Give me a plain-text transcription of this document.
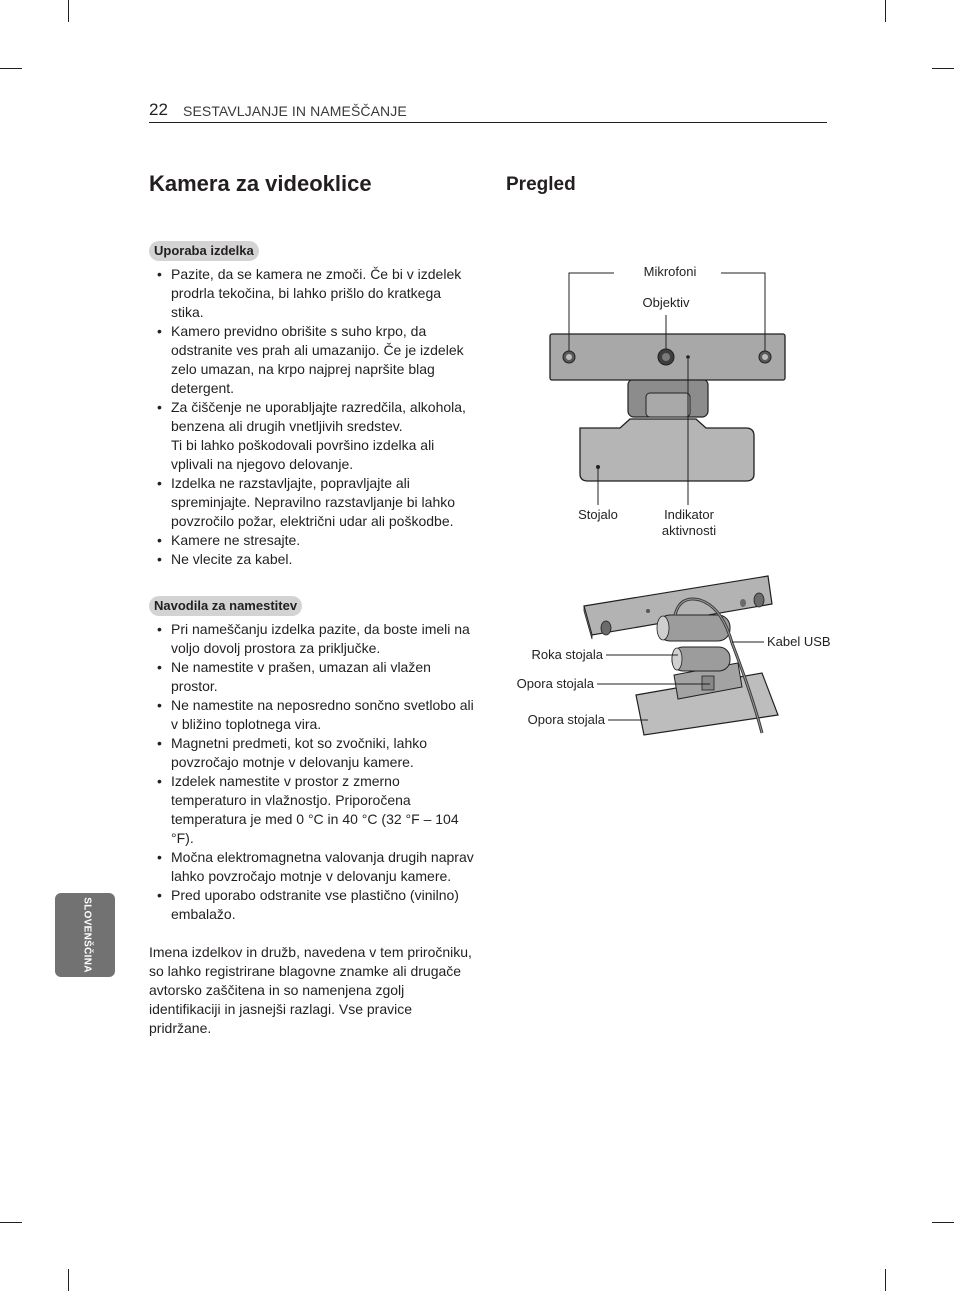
22 SESTAVLJANJE IN NAMEŠČANJE
SLOVENŠČINA
Kamera za videoklice
Uporaba izdelka
• Pazite, da se kamera ne zmoči. Če bi v izdelek prodrla tekočina, bi lahko prišlo do kratkega stika.
• Kamero previdno obrišite s suho krpo, da odstranite ves prah ali umazanijo. Če je izdelek zelo umazan, na krpo najprej napršite blag detergent.
• Za čiščenje ne uporabljajte razredčila, alkohola, benzena ali drugih vnetljivih sredstev.
Ti bi lahko poškodovali površino izdelka ali vplivali na njegovo delovanje.
• Izdelka ne razstavljajte, popravljajte ali spreminjajte. Nepravilno razstavljanje bi lahko povzročilo požar, električni udar ali poškodbe.
• Kamere ne stresajte.
• Ne vlecite za kabel.
Navodila za namestitev
• Pri nameščanju izdelka pazite, da boste imeli na voljo dovolj prostora za priključke.
• Ne namestite v prašen, umazan ali vlažen prostor.
• Ne namestite na neposredno sončno svetlobo ali v bližino toplotnega vira.
• Magnetni predmeti, kot so zvočniki, lahko povzročajo motnje v delovanju kamere.
• Izdelek namestite v prostor z zmerno temperaturo in vlažnostjo. Priporočena temperatura je med 0 °C in 40 °C (32 °F – 104 °F).
• Močna elektromagnetna valovanja drugih naprav lahko povzročajo motnje v delovanju kamere.
• Pred uporabo odstranite vse plastično (vinilno) embalažo.

Imena izdelkov in družb, navedena v tem priročniku, so lahko registrirane blagovne znamke ali drugače avtorsko zaščitena in so namenjena zgolj identifikaciji in jasnejši razlagi. Vse pravice pridržane.

Pregled
Mikrofoni
Objektiv
Stojalo	Indikator
aktivnosti
Roka stojala
Opora stojala
Opora stojala
Kabel USB
